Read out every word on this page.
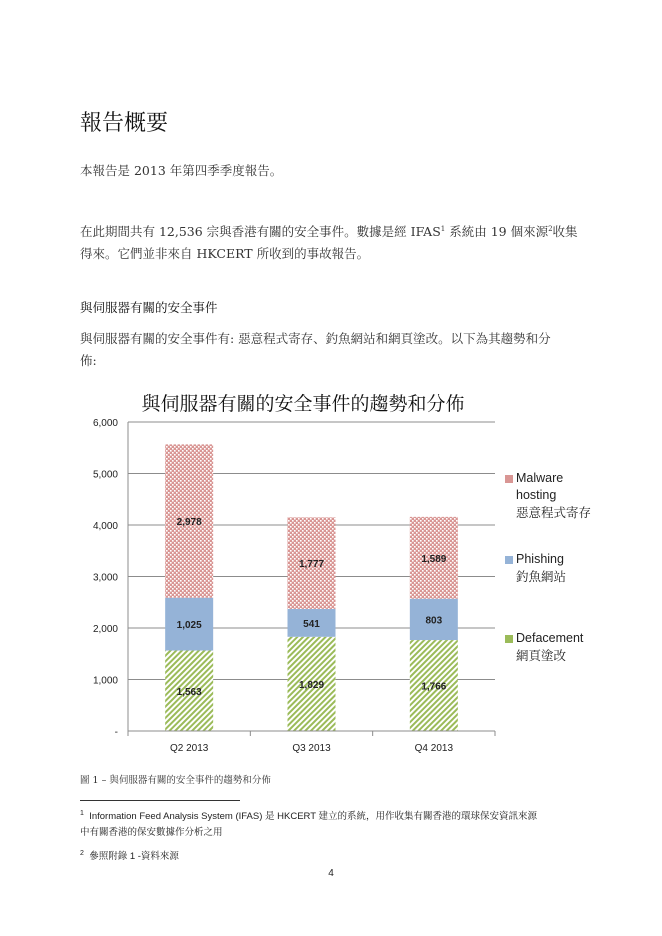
報告概要
本報告是 2013 年第四季季度報告。
在此期間共有 12,536 宗與香港有關的安全事件。數據是經 IFAS$^1$ 系統由 19 個來源$^2$收集
得來。它們並非來自 HKCERT 所收到的事故報告。
與伺服器有關的安全事件
與伺服器有關的安全事件有: 惡意程式寄存、釣魚網站和網頁塗改。以下為其趨勢和分
佈:
與伺服器有關的安全事件的趨勢和分佈
1,563
1,025
2,978
1,829
541
1,777
1,766
803
1,589
-
1,000
2,000
3,000
4,000
5,000
6,000
Q2 2013	Q3 2013	Q4 2013
Malware hosting
惡意程式寄存
Phishing
釣魚網站
Defacement
網頁塗改
圖 1 – 與伺服器有關的安全事件的趨勢和分佈
$^1$ Information Feed Analysis System (IFAS) 是 HKCERT 建立的系統，用作收集有關香港的環球保安資訊來源
中有關香港的保安數據作分析之用
$^2$ 參照附錄 1 -資料來源
4
